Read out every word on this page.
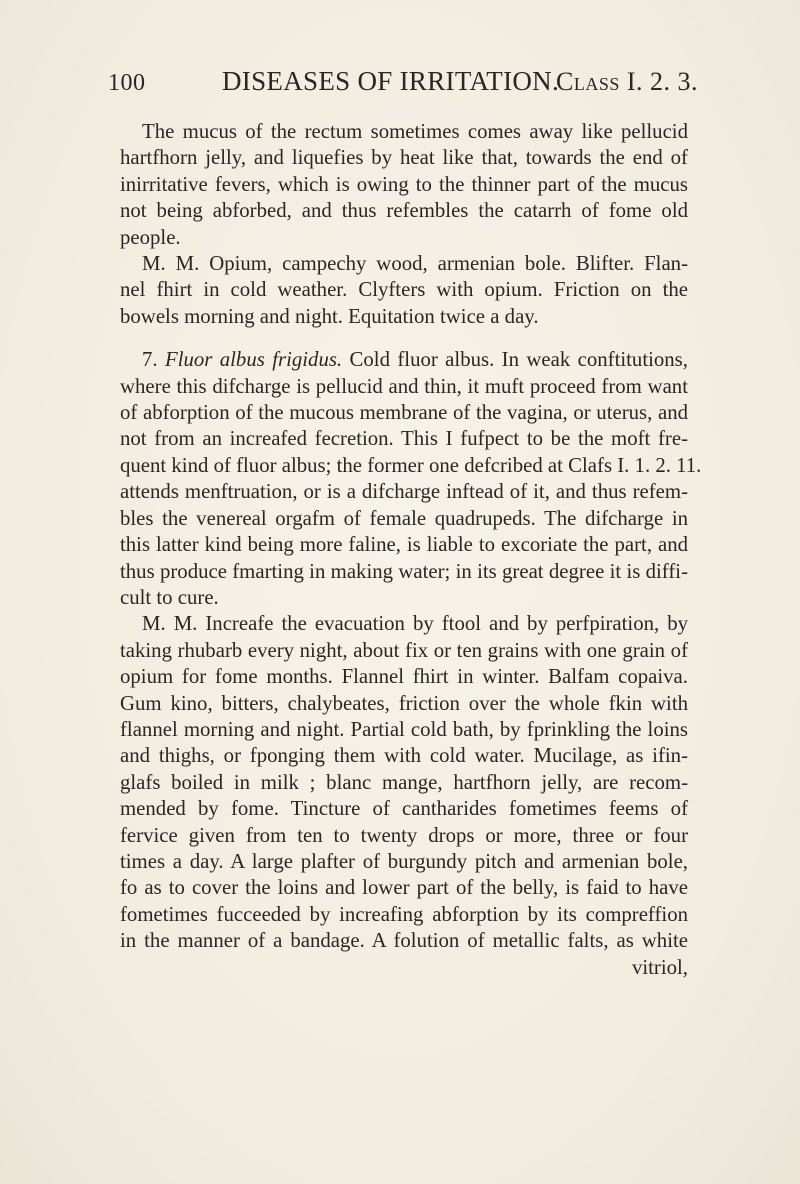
100	DISEASES OF IRRITATION.
Class I. 2. 3.

The mucus of the rectum sometimes comes away like pellucid
hartfhorn jelly, and liquefies by heat like that, towards the end of
inirritative fevers, which is owing to the thinner part of the mucus
not being abforbed, and thus refembles the catarrh of fome old
people.

M. M. Opium, campechy wood, armenian bole. Blifter. Flan-
nel fhirt in cold weather. Clyfters with opium. Friction on the
bowels morning and night. Equitation twice a day.

7. Fluor albus frigidus. Cold fluor albus. In weak conftitutions,
where this difcharge is pellucid and thin, it muft proceed from want
of abforption of the mucous membrane of the vagina, or uterus, and
not from an increafed fecretion. This I fufpect to be the moft fre-
quent kind of fluor albus; the former one defcribed at Clafs I. 1. 2. 11.
attends menftruation, or is a difcharge inftead of it, and thus refem-
bles the venereal orgafm of female quadrupeds. The difcharge in
this latter kind being more faline, is liable to excoriate the part, and
thus produce fmarting in making water; in its great degree it is diffi-
cult to cure.

M. M. Increafe the evacuation by ftool and by perfpiration, by
taking rhubarb every night, about fix or ten grains with one grain of
opium for fome months. Flannel fhirt in winter. Balfam copaiva.
Gum kino, bitters, chalybeates, friction over the whole fkin with
flannel morning and night. Partial cold bath, by fprinkling the loins
and thighs, or fponging them with cold water. Mucilage, as ifin-
glafs boiled in milk ; blanc mange, hartfhorn jelly, are recom-
mended by fome. Tincture of cantharides fometimes feems of
fervice given from ten to twenty drops or more, three or four
times a day. A large plafter of burgundy pitch and armenian bole,
fo as to cover the loins and lower part of the belly, is faid to have
fometimes fucceeded by increafing abforption by its compreffion
in the manner of a bandage. A folution of metallic falts, as white
vitriol,
